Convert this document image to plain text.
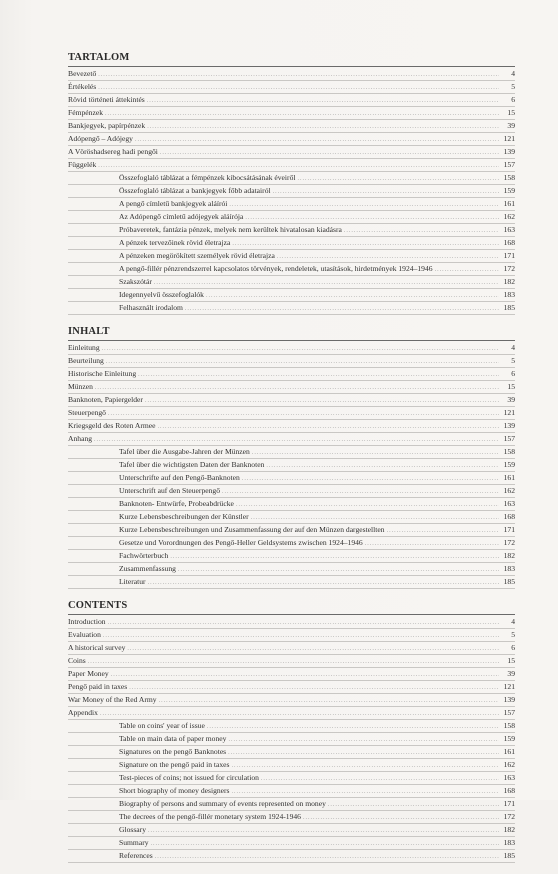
TARTALOM
Bevezető .....	4
Értékelés .....	5
Rövid történeti áttekintés .....	6
Fémpénzek .....	15
Bankjegyek, papírpénzek .....	39
Adópengő – Adójegy .....	121
A Vöröshadsereg hadi pengői .....	139
Függelék .....	157
Összefoglaló táblázat a fémpénzek kibocsátásának éveiről .....	158
Összefoglaló táblázat a bankjegyek főbb adatairól .....	159
A pengő címletű bankjegyek aláírói .....	161
Az Adópengő címletű adójegyek aláírója .....	162
Próbaveretek, fantázia pénzek, melyek nem kerültek hivatalosan kiadásra .....	163
A pénzek tervezőinek rövid életrajza .....	168
A pénzeken megörökített személyek rövid életrajza .....	171
A pengő-fillér pénzrendszerrel kapcsolatos törvények, rendeletek, utasítások, hirdetmények 1924–1946 .....	172
Szakszótár .....	182
Idegennyelvű összefoglalók .....	183
Felhasznált irodalom .....	185
INHALT
Einleitung .....	4
Beurteilung .....	5
Historische Einleitung .....	6
Münzen .....	15
Banknoten, Papiergelder .....	39
Steuerpengő .....	121
Kriegsgeld des Roten Armee .....	139
Anhang .....	157
Tafel über die Ausgabe-Jahren der Münzen .....	158
Tafel über die wichtigsten Daten der Banknoten .....	159
Unterschrifte auf den Pengő-Banknoten .....	161
Unterschrift auf den Steuerpengő .....	162
Banknoten- Entwürfe, Probeabdrücke .....	163
Kurze Lebensbeschreibungen der Künstler .....	168
Kurze Lebensbeschreibungen und Zusammenfassung der auf den Münzen dargestellten .....	171
Gesetze und Vorordnungen des Pengő-Heller Geldsystems zwischen 1924–1946 .....	172
Fachwörterbuch .....	182
Zusammenfassung .....	183
Literatur .....	185
CONTENTS
Introduction .....	4
Evaluation .....	5
A historical survey .....	6
Coins .....	15
Paper Money .....	39
Pengő paid in taxes .....	121
War Money of the Red Army .....	139
Appendix .....	157
Table on coins' year of issue .....	158
Table on main data of paper money .....	159
Signatures on the pengő Banknotes .....	161
Signature on the pengő paid in taxes .....	162
Test-pieces of coins; not issued for circulation .....	163
Short biography of money designers .....	168
Biography of persons and summary of events represented on money .....	171
The decrees of the pengő-fillér monetary system 1924-1946 .....	172
Glossary .....	182
Summary .....	183
References .....	185
